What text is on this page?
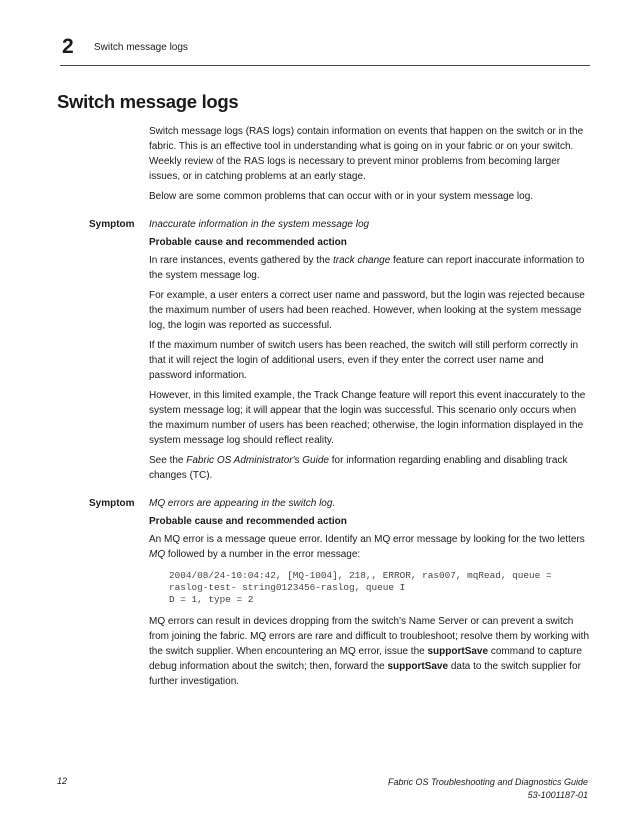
2 Switch message logs
Switch message logs

Switch message logs (RAS logs) contain information on events that happen on the switch or in the fabric. This is an effective tool in understanding what is going on in your fabric or on your switch. Weekly review of the RAS logs is necessary to prevent minor problems from becoming larger issues, or in catching problems at an early stage.

Below are some common problems that can occur with or in your system message log.

Symptom Inaccurate information in the system message log

Probable cause and recommended action

In rare instances, events gathered by the track change feature can report inaccurate information to the system message log.

For example, a user enters a correct user name and password, but the login was rejected because the maximum number of users had been reached. However, when looking at the system message log, the login was reported as successful.

If the maximum number of switch users has been reached, the switch will still perform correctly in that it will reject the login of additional users, even if they enter the correct user name and password information.

However, in this limited example, the Track Change feature will report this event inaccurately to the system message log; it will appear that the login was successful. This scenario only occurs when the maximum number of users has been reached; otherwise, the login information displayed in the system message log should reflect reality.

See the Fabric OS Administrator's Guide for information regarding enabling and disabling track changes (TC).

Symptom MQ errors are appearing in the switch log.

Probable cause and recommended action

An MQ error is a message queue error. Identify an MQ error message by looking for the two letters MQ followed by a number in the error message:

2004/08/24-10:04:42, [MQ-1004], 218,, ERROR, ras007, mqRead, queue =
raslog-test- string0123456-raslog, queue I
D = 1, type = 2

MQ errors can result in devices dropping from the switch's Name Server or can prevent a switch from joining the fabric. MQ errors are rare and difficult to troubleshoot; resolve them by working with the switch supplier. When encountering an MQ error, issue the supportSave command to capture debug information about the switch; then, forward the supportSave data to the switch supplier for further investigation.

12	Fabric OS Troubleshooting and Diagnostics Guide
53-1001187-01
